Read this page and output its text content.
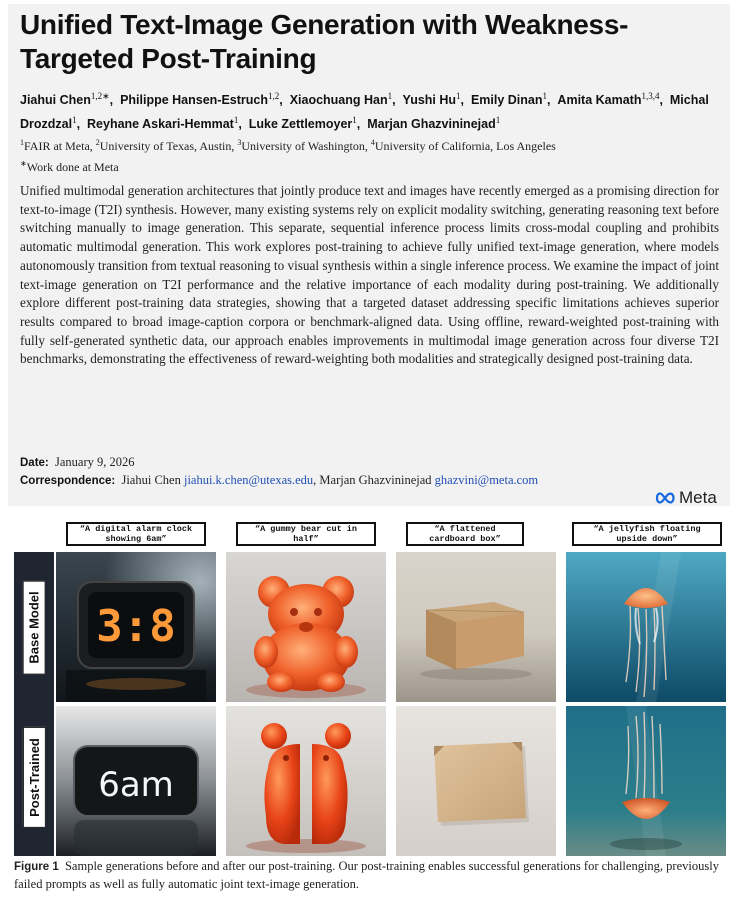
Unified Text-Image Generation with Weakness-Targeted Post-Training
Jiahui Chen$^{1,2∗}$,  Philippe Hansen-Estruch$^{1,2}$,  Xiaochuang Han$^1$,  Yushi Hu$^1$,  Emily Dinan$^1$,  Amita Kamath$^{1,3,4}$,  Michal Drozdzal$^1$,  Reyhane Askari-Hemmat$^1$,  Luke Zettlemoyer$^1$,  Marjan Ghazvininejad$^1$
$^1$FAIR at Meta, $^2$University of Texas, Austin, $^3$University of Washington, $^4$University of California, Los Angeles
∗Work done at Meta
Unified multimodal generation architectures that jointly produce text and images have recently emerged as a promising direction for text-to-image (T2I) synthesis. However, many existing systems rely on explicit modality switching, generating reasoning text before switching manually to image generation. This separate, sequential inference process limits cross-modal coupling and prohibits automatic multimodal generation. This work explores post-training to achieve fully unified text-image generation, where models autonomously transition from textual reasoning to visual synthesis within a single inference process. We examine the impact of joint text-image generation on T2I performance and the relative importance of each modality during post-training. We additionally explore different post-training data strategies, showing that a targeted dataset addressing specific limitations achieves superior results compared to broad image-caption corpora or benchmark-aligned data. Using offline, reward-weighted post-training with fully self-generated synthetic data, our approach enables improvements in multimodal image generation across four diverse T2I benchmarks, demonstrating the effectiveness of reward-weighting both modalities and strategically designed post-training data.
Date: January 9, 2026
Correspondence: Jiahui Chen jiahui.k.chen@utexas.edu, Marjan Ghazvininejad ghazvini@meta.com
Meta
Base Model
Post-Trained
“A digital alarm clock showing 6am”
“A gummy bear cut in half”
“A flattened cardboard box”
“A jellyfish floating upside down”
3:8
6am
Figure 1 Sample generations before and after our post-training. Our post-training enables successful generations for challenging, previously failed prompts as well as fully automatic joint text-image generation.
